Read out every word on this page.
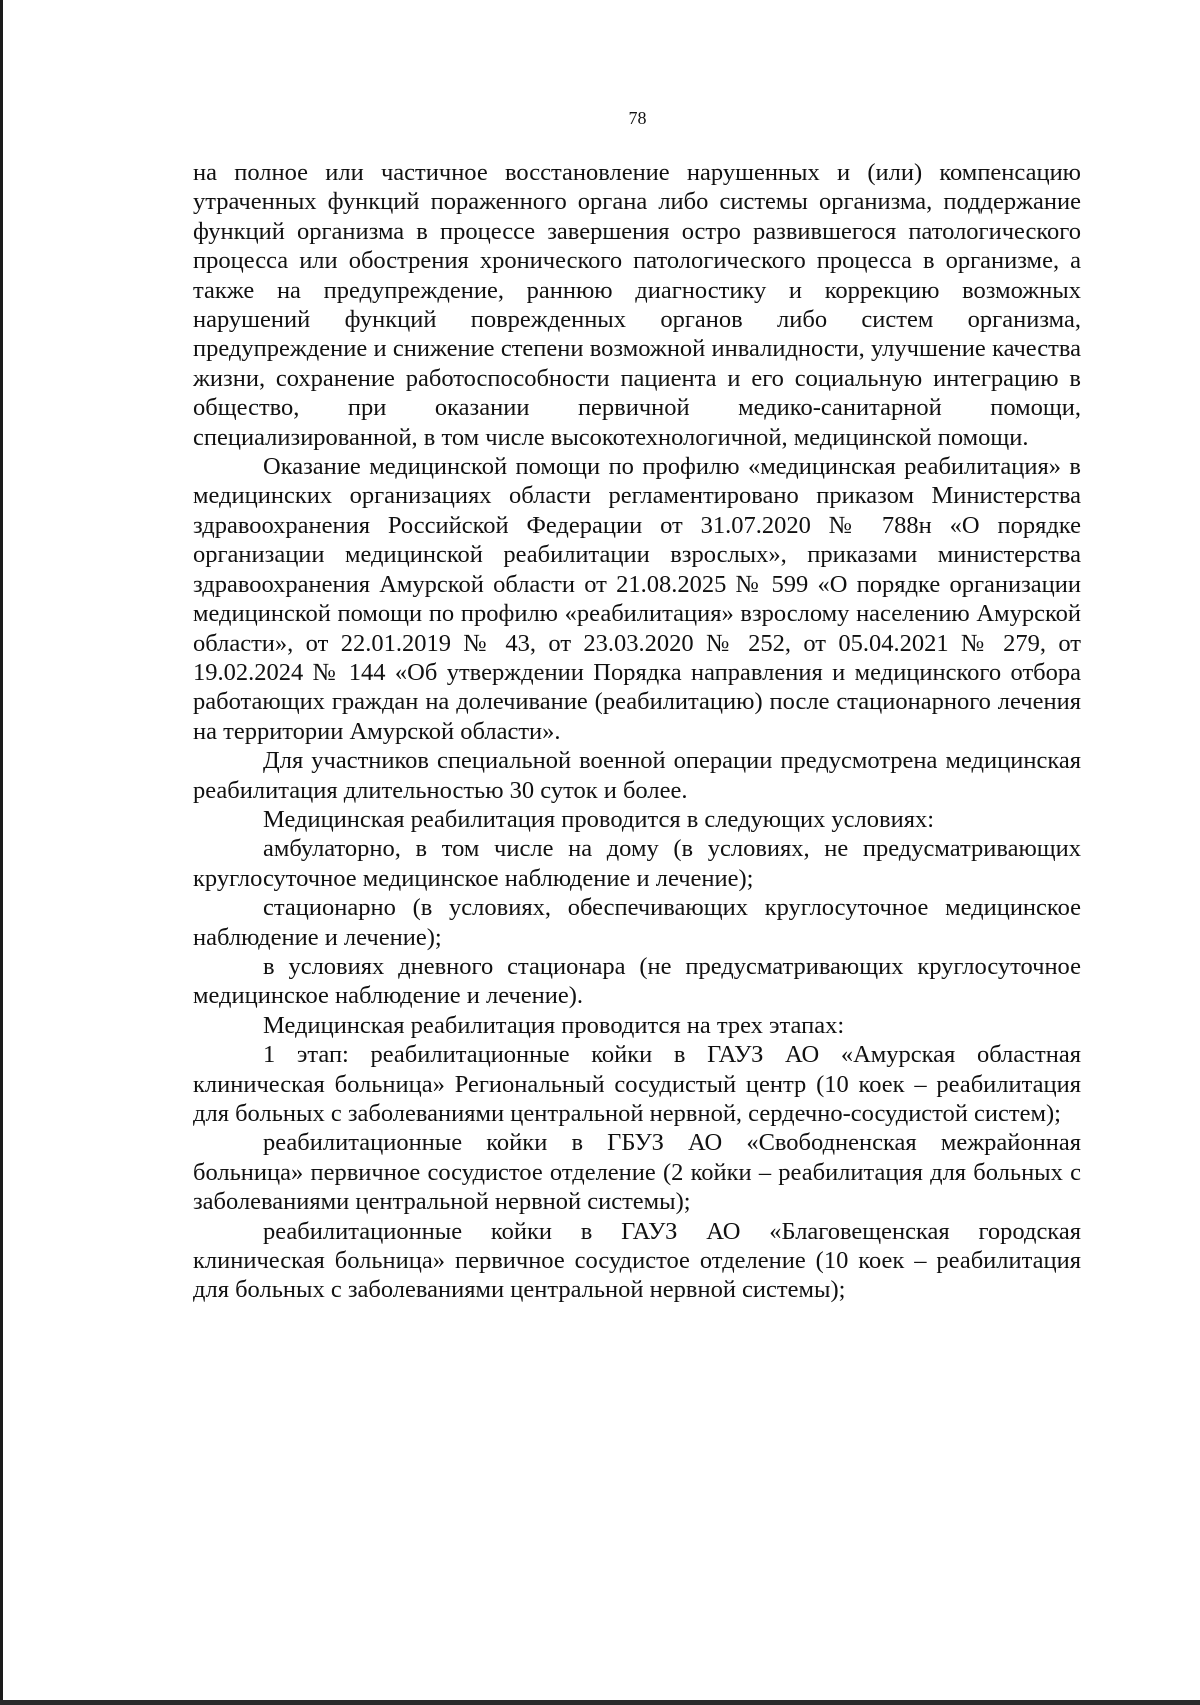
78

на полное или частичное восстановление нарушенных и (или) компенсацию утраченных функций пораженного органа либо системы организма, поддержание функций организма в процессе завершения остро развившегося патологического процесса или обострения хронического патологического процесса в организме, а также на предупреждение, раннюю диагностику и коррекцию возможных нарушений функций поврежденных органов либо систем организма, предупреждение и снижение степени возможной инвалидности, улучшение качества жизни, сохранение работоспособности пациента и его социальную интеграцию в общество, при оказании первичной медико-санитарной помощи, специализированной, в том числе высокотехнологичной, медицинской помощи.

Оказание медицинской помощи по профилю «медицинская реабилитация» в медицинских организациях области регламентировано приказом Министерства здравоохранения Российской Федерации от 31.07.2020 № 788н «О порядке организации медицинской реабилитации взрослых», приказами министерства здравоохранения Амурской области от 21.08.2025 № 599 «О порядке организации медицинской помощи по профилю «реабилитация» взрослому населению Амурской области», от 22.01.2019 № 43, от 23.03.2020 № 252, от 05.04.2021 № 279, от 19.02.2024 № 144 «Об утверждении Порядка направления и медицинского отбора работающих граждан на долечивание (реабилитацию) после стационарного лечения на территории Амурской области».

Для участников специальной военной операции предусмотрена медицинская реабилитация длительностью 30 суток и более.

Медицинская реабилитация проводится в следующих условиях:

амбулаторно, в том числе на дому (в условиях, не предусматривающих круглосуточное медицинское наблюдение и лечение);

стационарно (в условиях, обеспечивающих круглосуточное медицинское наблюдение и лечение);

в условиях дневного стационара (не предусматривающих круглосуточное медицинское наблюдение и лечение).

Медицинская реабилитация проводится на трех этапах:

1 этап: реабилитационные койки в ГАУЗ АО «Амурская областная клиническая больница» Региональный сосудистый центр (10 коек – реабилитация для больных с заболеваниями центральной нервной, сердечно-сосудистой систем);

реабилитационные койки в ГБУЗ АО «Свободненская межрайонная больница» первичное сосудистое отделение (2 койки – реабилитация для больных с заболеваниями центральной нервной системы);

реабилитационные койки в ГАУЗ АО «Благовещенская городская клиническая больница» первичное сосудистое отделение (10 коек – реабилитация для больных с заболеваниями центральной нервной системы);
